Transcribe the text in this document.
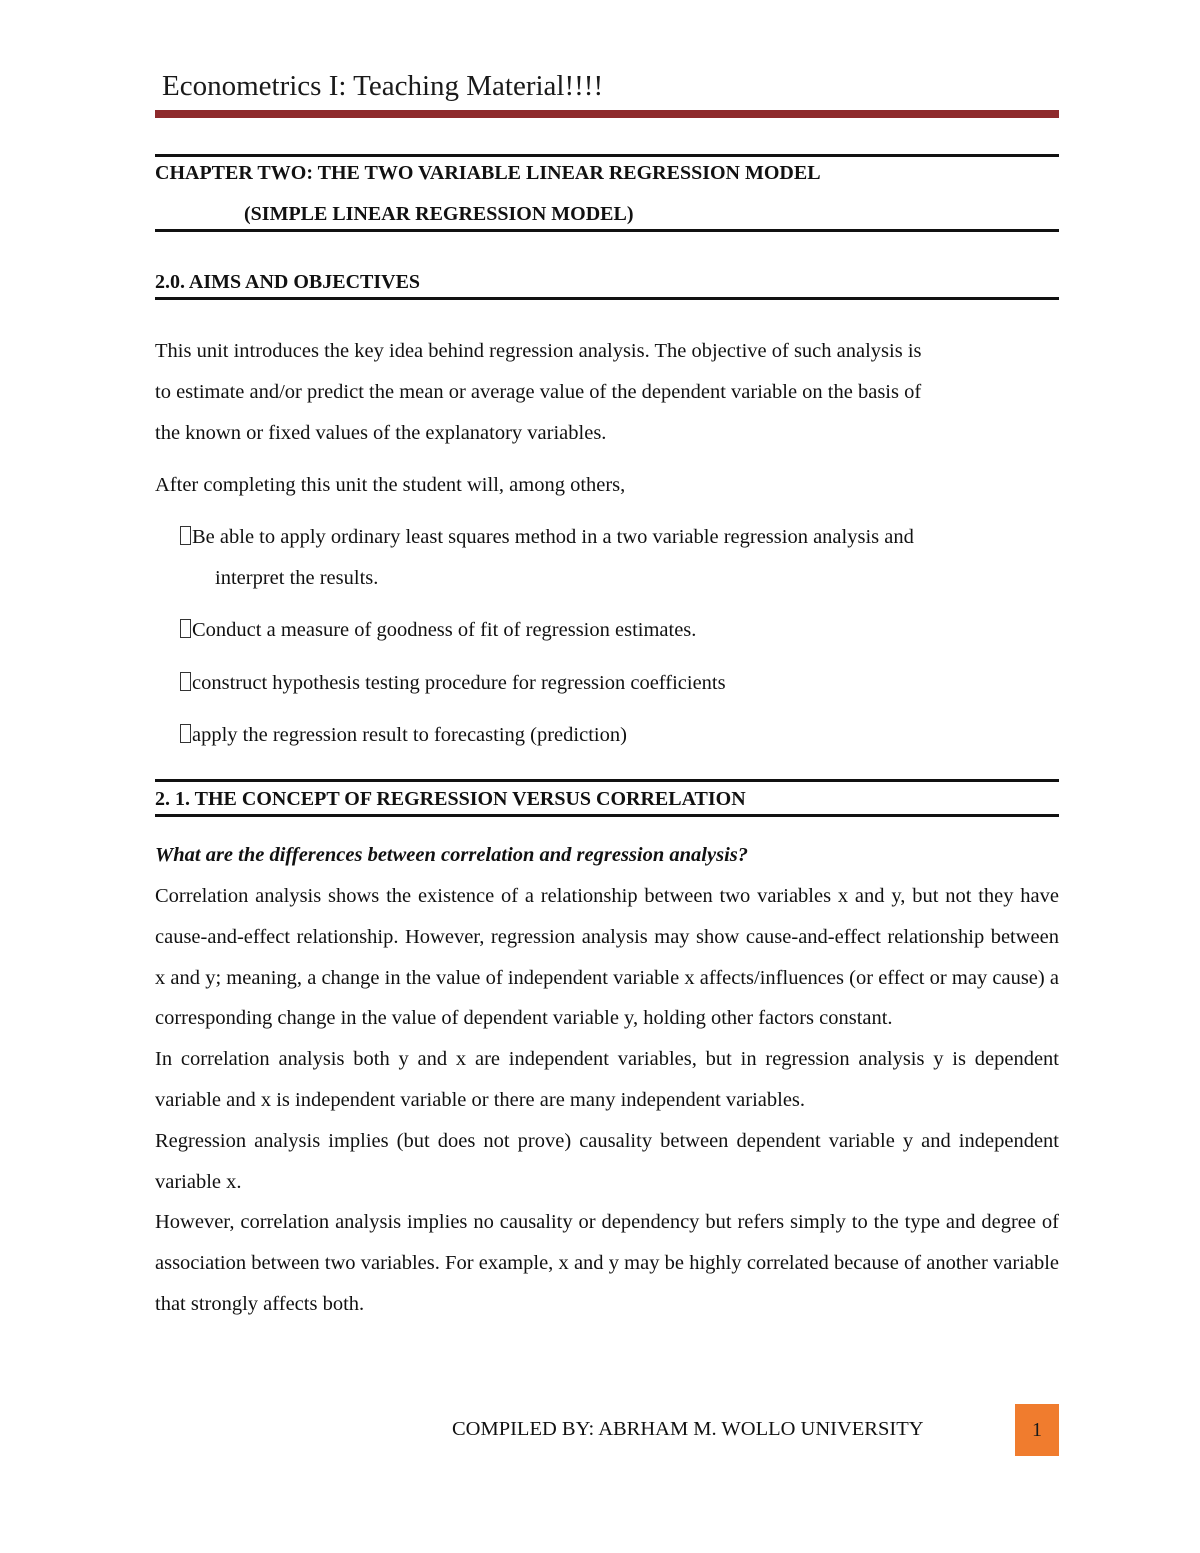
Econometrics I: Teaching Material!!!!
CHAPTER TWO: THE TWO VARIABLE LINEAR REGRESSION MODEL
(SIMPLE LINEAR REGRESSION MODEL)
2.0. AIMS AND OBJECTIVES
This unit introduces the key idea behind regression analysis. The objective of such analysis is
to estimate and/or predict the mean or average value of the dependent variable on the basis of
the known or fixed values of the explanatory variables.
After completing this unit the student will, among others,
Be able to apply ordinary least squares method in a two variable regression analysis and
interpret the results.
Conduct a measure of goodness of fit of regression estimates.
construct hypothesis testing procedure for regression coefficients
apply the regression result to forecasting (prediction)
2. 1. THE CONCEPT OF REGRESSION VERSUS CORRELATION
What are the differences between correlation and regression analysis?

Correlation analysis shows the existence of a relationship between two variables x and y, but not they have cause-and-effect relationship. However, regression analysis may show cause-and-effect relationship between x and y; meaning, a change in the value of independent variable x affects/influences (or effect or may cause) a corresponding change in the value of dependent variable y, holding other factors constant.

In correlation analysis both y and x are independent variables, but in regression analysis y is dependent variable and x is independent variable or there are many independent variables.

Regression analysis implies (but does not prove) causality between dependent variable y and independent variable x.

However, correlation analysis implies no causality or dependency but refers simply to the type and degree of association between two variables. For example, x and y may be highly correlated because of another variable that strongly affects both.

COMPILED BY: ABRHAM M. WOLLO UNIVERSITY	1
